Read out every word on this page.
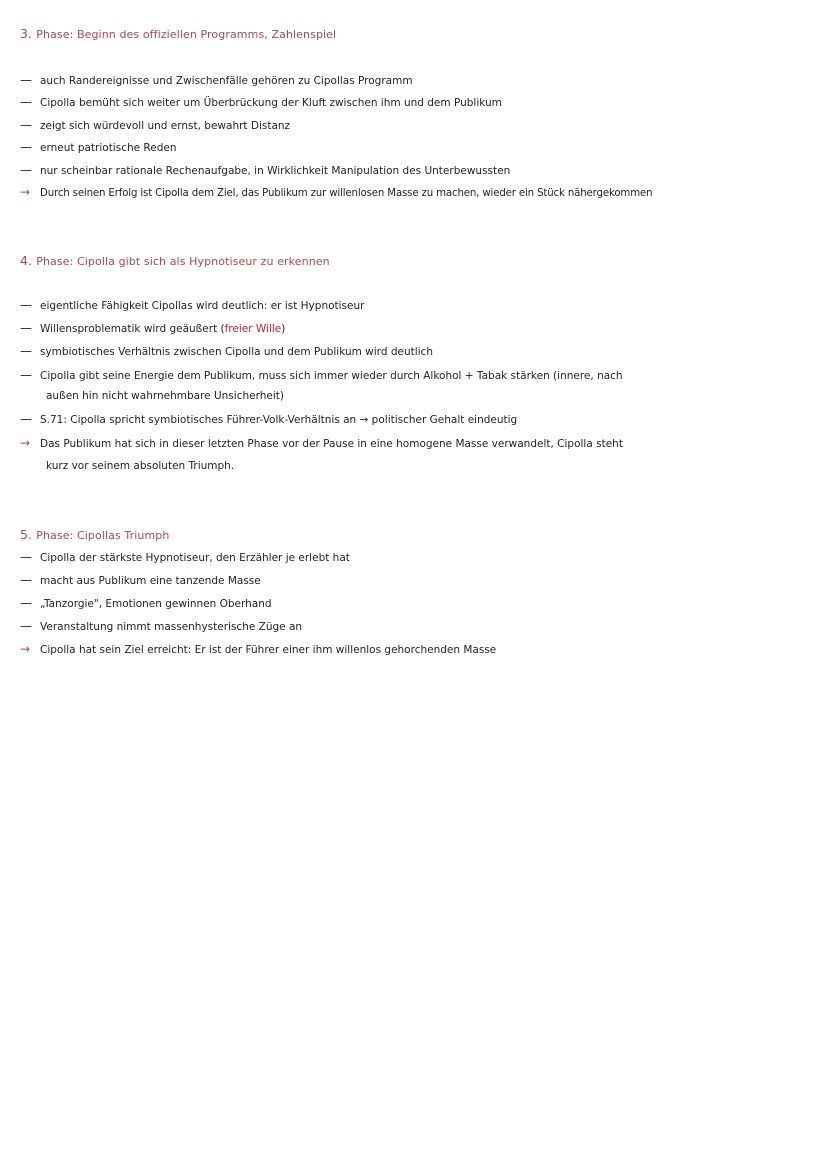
3. Phase: Beginn des offiziellen Programms, Zahlenspiel
— auch Randereignisse und Zwischenfälle gehören zu Cipollas Programm
— Cipolla bemüht sich weiter um Überbrückung der Kluft zwischen ihm und dem Publikum
— zeigt sich würdevoll und ernst, bewahrt Distanz
— erneut patriotische Reden
— nur scheinbar rationale Rechenaufgabe, in Wirklichkeit Manipulation des Unterbewussten
→ Durch seinen Erfolg ist Cipolla dem Ziel, das Publikum zur willenlosen Masse zu machen, wieder ein Stück nähergekommen
4. Phase: Cipolla gibt sich als Hypnotiseur zu erkennen
— eigentliche Fähigkeit Cipollas wird deutlich: er ist Hypnotiseur
— Willensproblematik wird geäußert (freier Wille)
— symbiotisches Verhältnis zwischen Cipolla und dem Publikum wird deutlich
— Cipolla gibt seine Energie dem Publikum, muss sich immer wieder durch Alkohol + Tabak stärken (innere, nach
außen hin nicht wahrnehmbare Unsicherheit)
— S.71: Cipolla spricht symbiotisches Führer-Volk-Verhältnis an → politischer Gehalt eindeutig
→ Das Publikum hat sich in dieser letzten Phase vor der Pause in eine homogene Masse verwandelt, Cipolla steht
kurz vor seinem absoluten Triumph.
5. Phase: Cipollas Triumph
— Cipolla der stärkste Hypnotiseur, den Erzähler je erlebt hat
— macht aus Publikum eine tanzende Masse
— „Tanzorgie", Emotionen gewinnen Oberhand
— Veranstaltung nimmt massenhysterische Züge an
→ Cipolla hat sein Ziel erreicht: Er ist der Führer einer ihm willenlos gehorchenden Masse
